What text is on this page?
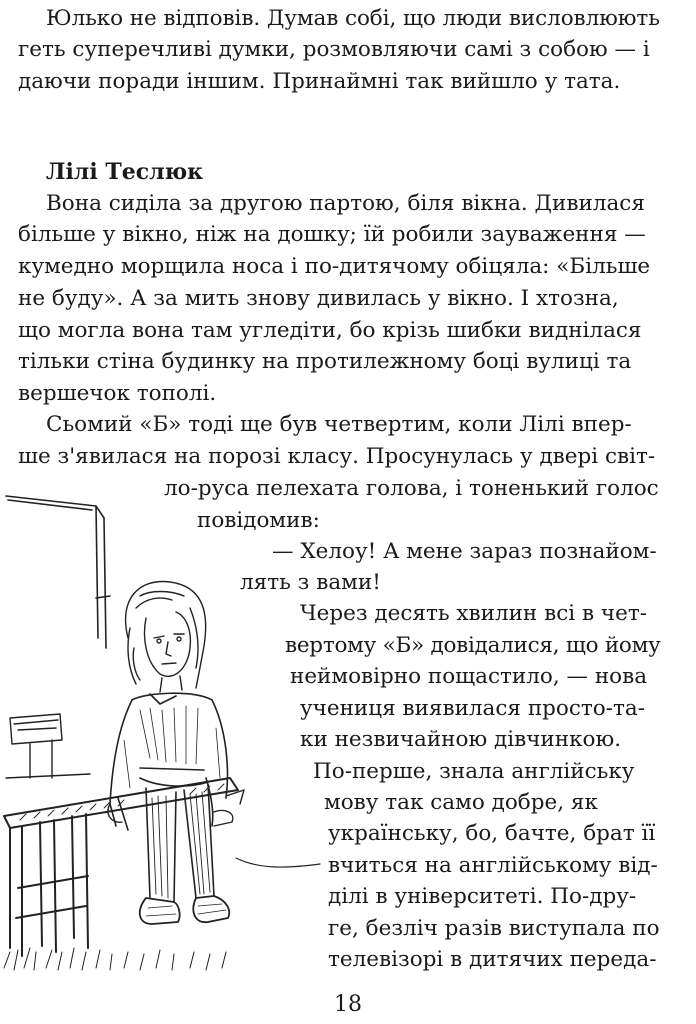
Юлько не відповів. Думав собі, що люди висловлюють
геть суперечливі думки, розмовляючи самі з собою — і
даючи поради іншим. Принаймні так вийшло у тата.
Лілі Теслюк
Вона сиділа за другою партою, біля вікна. Дивилася
більше у вікно, ніж на дошку; їй робили зауваження —
кумедно морщила носа і по-дитячому обіцяла: «Більше
не буду». А за мить знову дивилась у вікно. І хтозна,
що могла вона там угледіти, бо крізь шибки виднілася
тільки стіна будинку на протилежному боці вулиці та
вершечок тополі.
Сьомий «Б» тоді ще був четвертим, коли Лілі впер-
ше з'явилася на порозі класу. Просунулась у двері світ-
ло-руса пелехата голова, і тоненький голос
повідомив:
— Хелоу! А мене зараз познайом-
лять з вами!
Через десять хвилин всі в чет-
вертому «Б» довідалися, що йому
неймовірно пощастило, — нова
учениця виявилася просто-та-
ки незвичайною дівчинкою.
По-перше, знала англійську
мову так само добре, як
українську, бо, бачте, брат її
вчиться на англійському від-
ділі в університеті. По-дру-
ге, безліч разів виступала по
телевізорі в дитячих переда-
18
